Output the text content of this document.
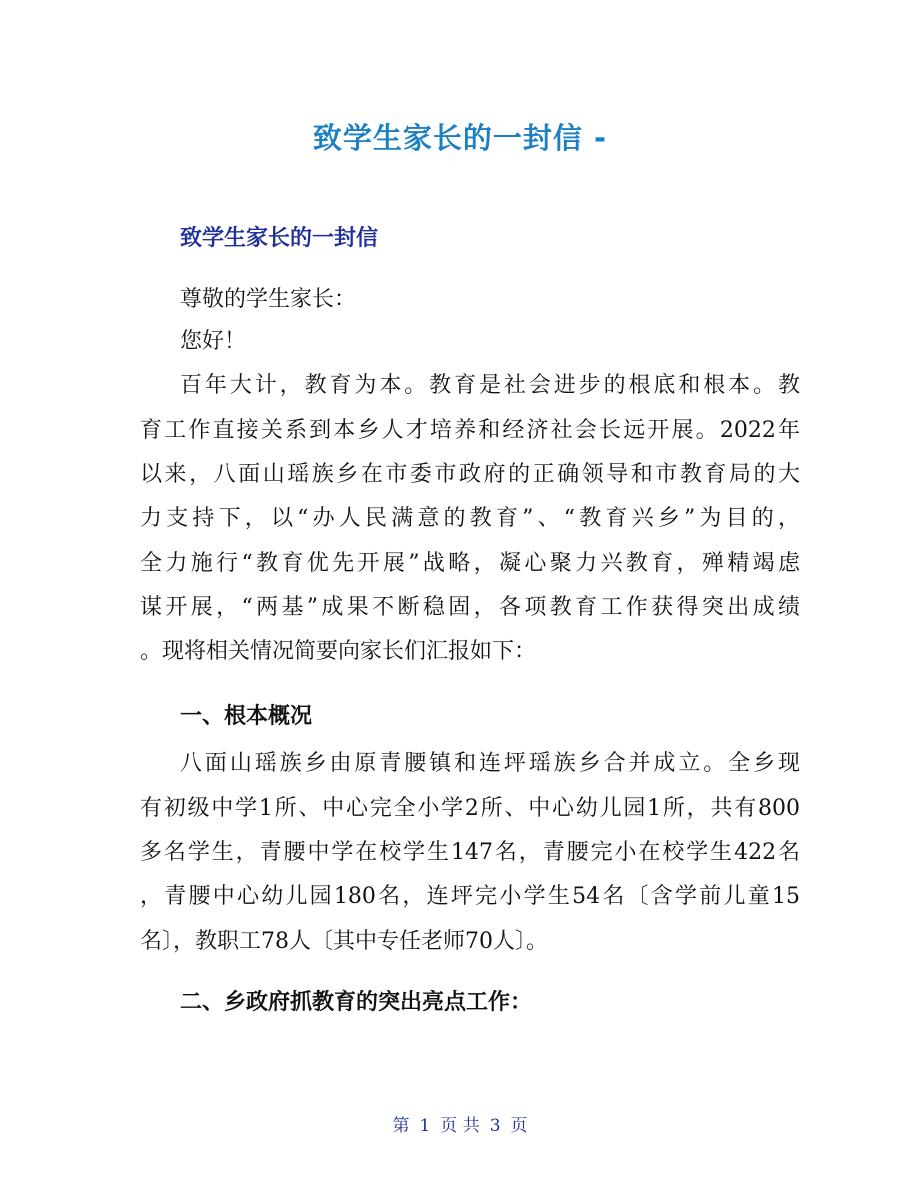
致学生家长的一封信 -
致学生家长的一封信
尊敬的学生家长：
您好！
百年大计，教育为本。教育是社会进步的根底和根本。教
育工作直接关系到本乡人才培养和经济社会长远开展。2022年
以来，八面山瑶族乡在市委市政府的正确领导和市教育局的大
力支持下，以“办人民满意的教育”、“教育兴乡”为目的，
全力施行“教育优先开展”战略，凝心聚力兴教育，殚精竭虑
谋开展，“两基”成果不断稳固，各项教育工作获得突出成绩
。现将相关情况简要向家长们汇报如下：
一、根本概况
八面山瑶族乡由原青腰镇和连坪瑶族乡合并成立。全乡现
有初级中学1所、中心完全小学2所、中心幼儿园1所，共有800
多名学生，青腰中学在校学生147名，青腰完小在校学生422名
，青腰中心幼儿园180名，连坪完小学生54名〔含学前儿童15
名〕，教职工78人〔其中专任老师70人〕。
二、乡政府抓教育的突出亮点工作：
第 1 页 共 3 页
